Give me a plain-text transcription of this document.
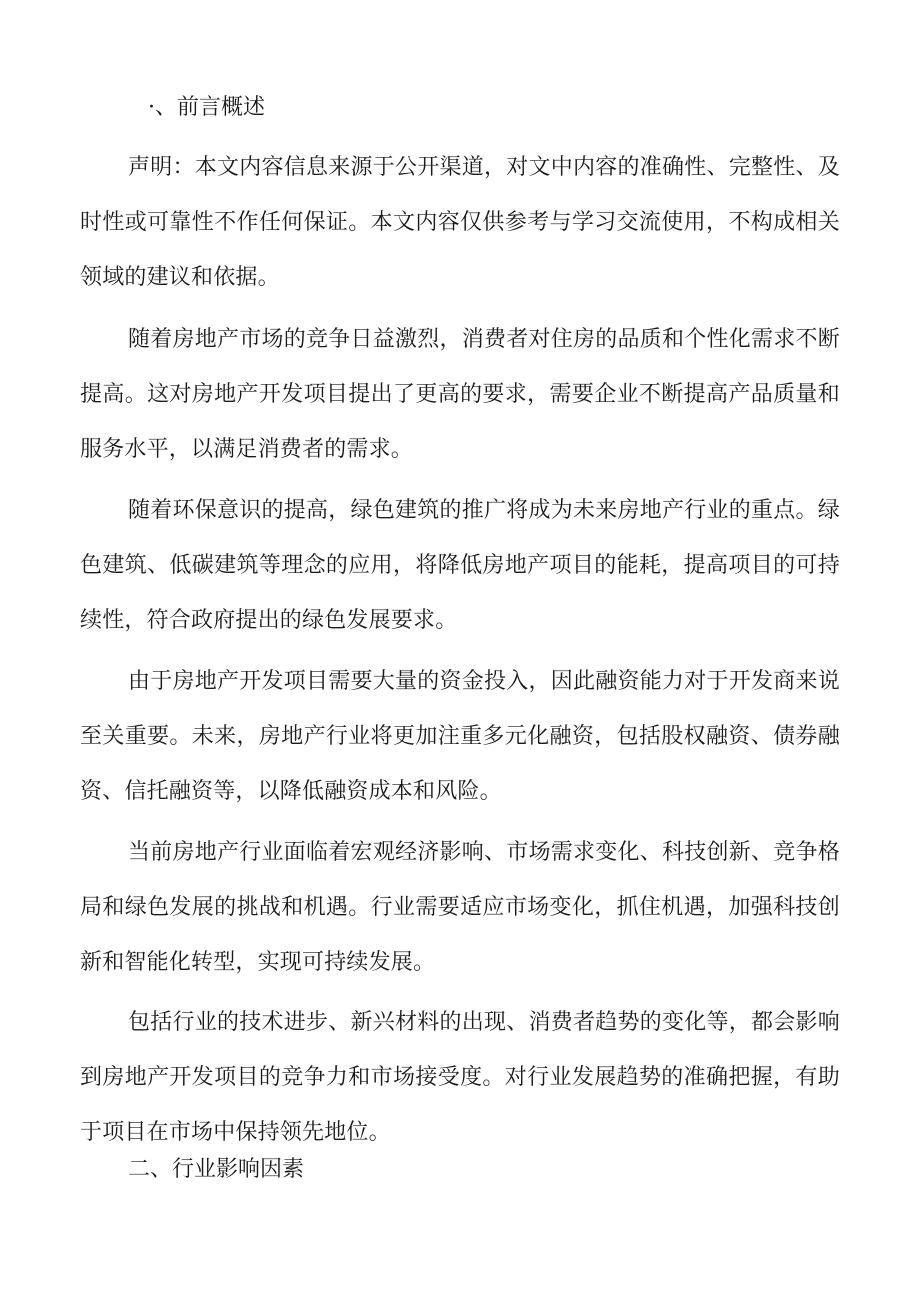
·、前言概述

声明：本文内容信息来源于公开渠道，对文中内容的准确性、完整性、及时性或可靠性不作任何保证。本文内容仅供参考与学习交流使用，不构成相关领域的建议和依据。

随着房地产市场的竞争日益激烈，消费者对住房的品质和个性化需求不断提高。这对房地产开发项目提出了更高的要求，需要企业不断提高产品质量和服务水平，以满足消费者的需求。

随着环保意识的提高，绿色建筑的推广将成为未来房地产行业的重点。绿色建筑、低碳建筑等理念的应用，将降低房地产项目的能耗，提高项目的可持续性，符合政府提出的绿色发展要求。

由于房地产开发项目需要大量的资金投入，因此融资能力对于开发商来说至关重要。未来，房地产行业将更加注重多元化融资，包括股权融资、债券融资、信托融资等，以降低融资成本和风险。

当前房地产行业面临着宏观经济影响、市场需求变化、科技创新、竞争格局和绿色发展的挑战和机遇。行业需要适应市场变化，抓住机遇，加强科技创新和智能化转型，实现可持续发展。

包括行业的技术进步、新兴材料的出现、消费者趋势的变化等，都会影响到房地产开发项目的竞争力和市场接受度。对行业发展趋势的准确把握，有助于项目在市场中保持领先地位。

二、行业影响因素
